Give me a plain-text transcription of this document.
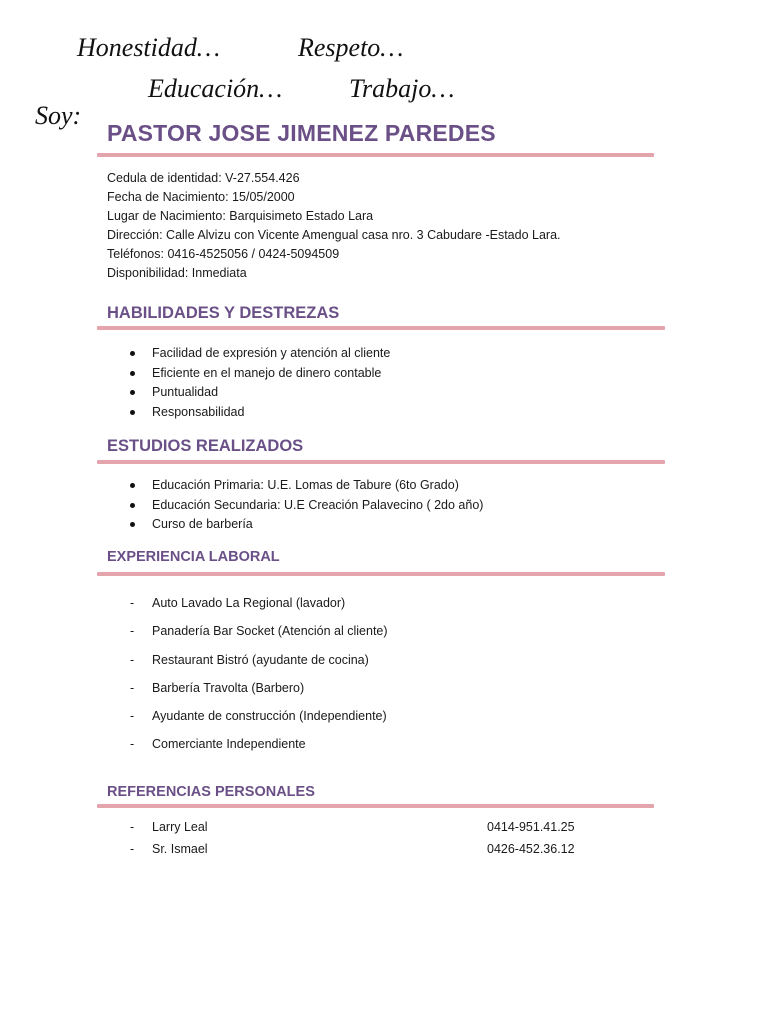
Honestidad…	Respeto…
Educación…	Trabajo…
Soy:
PASTOR JOSE JIMENEZ PAREDES
Cedula de identidad: V-27.554.426
Fecha de Nacimiento: 15/05/2000
Lugar de Nacimiento: Barquisimeto Estado Lara
Dirección: Calle Alvizu con Vicente Amengual casa nro. 3 Cabudare -Estado Lara.
Teléfonos: 0416-4525056 / 0424-5094509
Disponibilidad: Inmediata
HABILIDADES Y DESTREZAS
Facilidad de expresión y atención al cliente
Eficiente en el manejo de dinero contable
Puntualidad
Responsabilidad
ESTUDIOS REALIZADOS
Educación Primaria: U.E. Lomas de Tabure (6to Grado)
Educación Secundaria: U.E Creación Palavecino ( 2do año)
Curso de barbería
EXPERIENCIA LABORAL
- Auto Lavado La Regional (lavador)
- Panadería Bar Socket (Atención al cliente)
- Restaurant Bistró (ayudante de cocina)
- Barbería Travolta (Barbero)
- Ayudante de construcción (Independiente)
- Comerciante Independiente
REFERENCIAS PERSONALES
- Larry Leal	0414-951.41.25
- Sr. Ismael	0426-452.36.12
